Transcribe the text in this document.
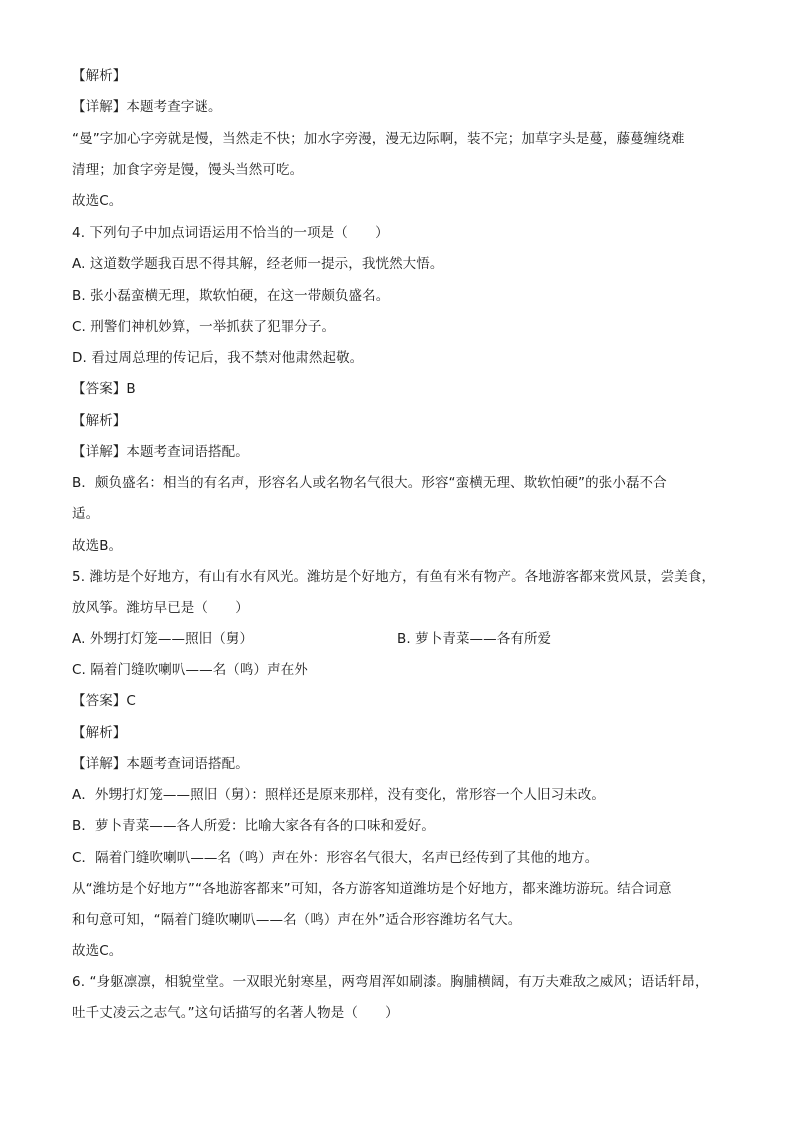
【解析】
【详解】本题考查字谜。
“曼”字加心字旁就是慢，当然走不快；加水字旁漫，漫无边际啊，装不完；加草字头是蔓，藤蔓缠绕难
清理；加食字旁是馒，馒头当然可吃。
故选C。
4. 下列句子中加点词语运用不恰当的一项是（　　）
A. 这道数学题我百思不得其解，经老师一提示，我恍然大悟。
B. 张小磊蛮横无理，欺软怕硬，在这一带颇负盛名。
C. 刑警们神机妙算，一举抓获了犯罪分子。
D. 看过周总理的传记后，我不禁对他肃然起敬。
【答案】B
【解析】
【详解】本题考查词语搭配。
B．颇负盛名：相当的有名声，形容名人或名物名气很大。形容“蛮横无理、欺软怕硬”的张小磊不合
适。
故选B。
5. 潍坊是个好地方，有山有水有风光。潍坊是个好地方，有鱼有米有物产。各地游客都来赏风景，尝美食，
放风筝。潍坊早已是（　　）
A. 外甥打灯笼——照旧（舅）	B. 萝卜青菜——各有所爱
C. 隔着门缝吹喇叭——名（鸣）声在外
【答案】C
【解析】
【详解】本题考查词语搭配。
A．外甥打灯笼——照旧（舅）：照样还是原来那样，没有变化，常形容一个人旧习未改。
B．萝卜青菜——各人所爱：比喻大家各有各的口味和爱好。
C．隔着门缝吹喇叭——名（鸣）声在外：形容名气很大，名声已经传到了其他的地方。
从“潍坊是个好地方”“各地游客都来”可知，各方游客知道潍坊是个好地方，都来潍坊游玩。结合词意
和句意可知，“隔着门缝吹喇叭——名（鸣）声在外”适合形容潍坊名气大。
故选C。
6. “身躯凛凛，相貌堂堂。一双眼光射寒星，两弯眉浑如刷漆。胸脯横阔，有万夫难敌之威风；语话轩昂，
吐千丈凌云之志气。”这句话描写的名著人物是（　　）
